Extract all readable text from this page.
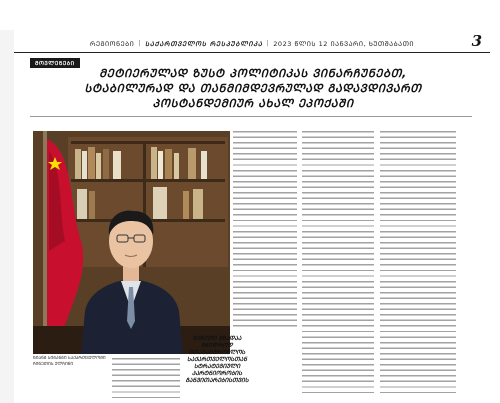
ᲠᲔᲒᲘᲝᲜᲔᲑᲘ | ᲡᲐᲥᲐᲠᲗᲕᲔᲚᲝᲡ ᲠᲔᲡᲞᲣᲑᲚᲘᲙᲐ | 2023 ᲬᲚᲘᲡ 12 ᲘᲐᲜᲕᲐᲠᲘ, ᲮᲣᲗᲨᲐᲑᲐᲗᲘ	3
ᲛᲝᲕᲚᲔᲜᲔᲑᲘ
ᲛᲔᲢᲘᲔᲠᲣᲚᲐᲓ ᲖᲣᲡᲢ ᲞᲝᲚᲘᲢᲘᲙᲐᲡ ᲕᲘᲜᲐᲠᲩᲣᲜᲔᲑᲗ,
ᲡᲢᲐᲑᲘᲚᲣᲠᲐᲓ ᲓᲐ ᲗᲐᲜᲛᲘᲛᲓᲔᲕᲠᲣᲚᲐᲓ ᲒᲐᲓᲐᲕᲓᲘᲕᲐᲠᲗ
ᲞᲝᲡᲢᲐᲜᲓᲔᲛᲘᲣᲠ ᲐᲮᲐᲚ ᲔᲞᲝᲥᲐᲨᲘ
ᲖᲘᲐᲜᲒ ᲡᲘᲒᲐᲜᲒᲘ ᲡᲐᲥᲐᲠᲗᲕᲔᲚᲝᲨᲘ ᲩᲘᲜᲔᲗᲘᲡ ᲔᲚᲩᲘᲜᲘ
ᲩᲘᲜᲔᲗᲘ ᲛᲖᲐᲓᲐᲐ ᲛᲭᲘᲓᲠᲝᲓ ᲘᲗᲐᲜᲐᲛᲨᲠᲝᲛᲚᲝᲡ ᲡᲐᲥᲐᲠᲗᲕᲔᲚᲝᲡᲗᲐᲜ ᲡᲢᲠᲐᲢᲔᲒᲘᲣᲚᲘ ᲞᲐᲠᲢᲜᲘᲝᲠᲝᲑᲘᲡ ᲒᲐᲜᲕᲘᲗᲐᲠᲔᲑᲘᲡᲗᲕᲘᲡ
